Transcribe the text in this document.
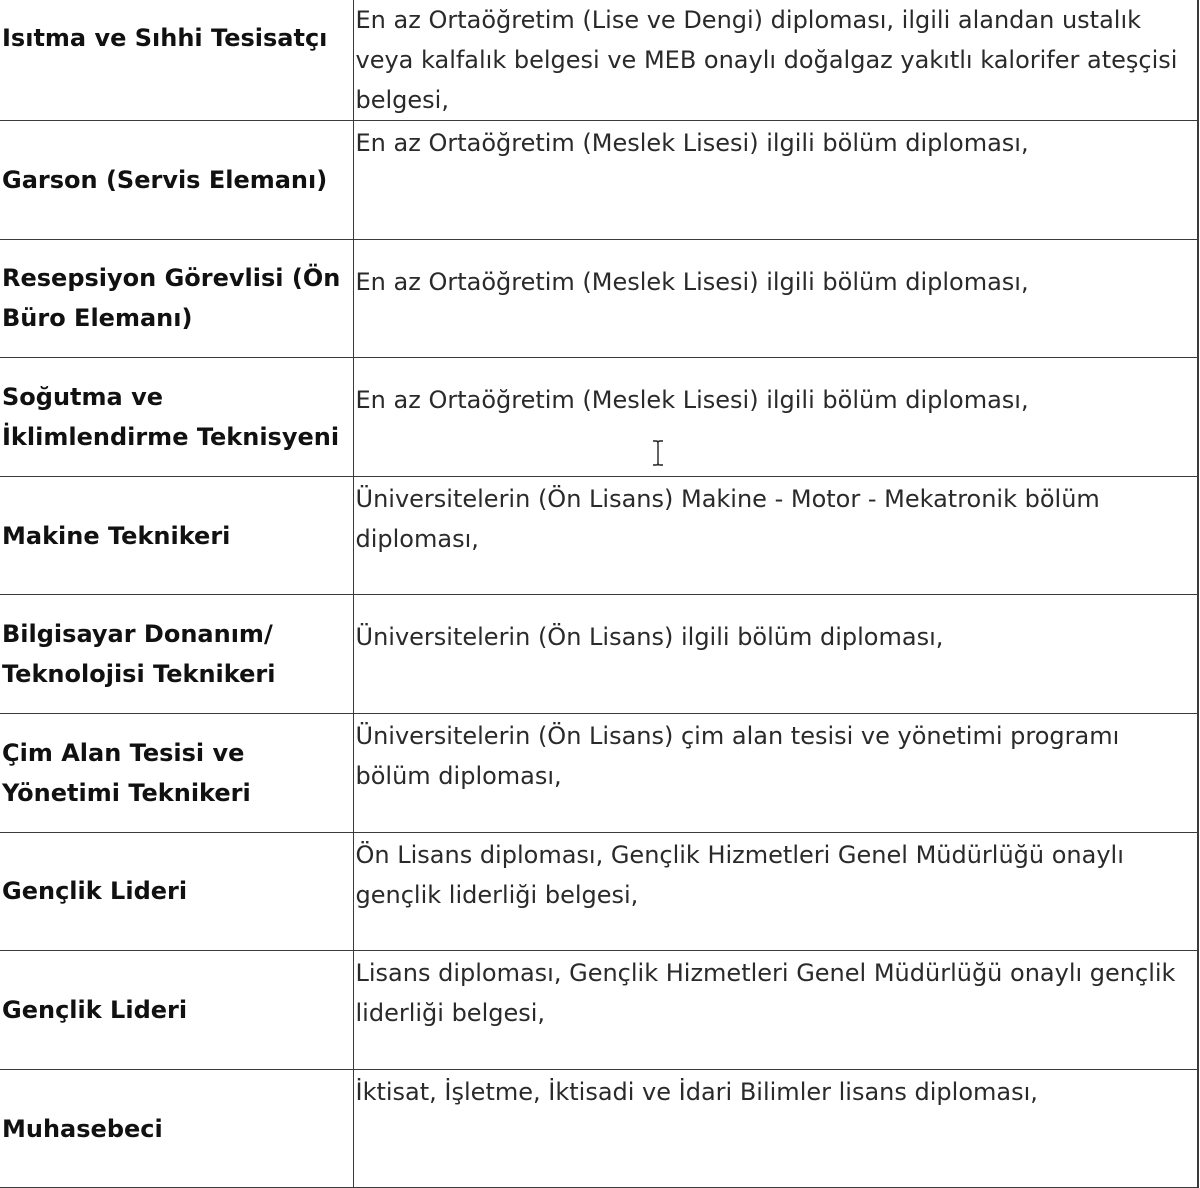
Isıtma ve Sıhhi Tesisatçı	En az Ortaöğretim (Lise ve Dengi) diploması, ilgili alandan ustalık veya kalfalık belgesi ve MEB onaylı doğalgaz yakıtlı kalorifer ateşçisi belgesi,
Garson (Servis Elemanı)	En az Ortaöğretim (Meslek Lisesi) ilgili bölüm diploması,
Resepsiyon Görevlisi (Ön Büro Elemanı)	En az Ortaöğretim (Meslek Lisesi) ilgili bölüm diploması,
Soğutma ve İklimlendirme Teknisyeni	En az Ortaöğretim (Meslek Lisesi) ilgili bölüm diploması,
Makine Teknikeri	Üniversitelerin (Ön Lisans) Makine - Motor - Mekatronik bölüm diploması,
Bilgisayar Donanım/ Teknolojisi Teknikeri	Üniversitelerin (Ön Lisans) ilgili bölüm diploması,
Çim Alan Tesisi ve Yönetimi Teknikeri	Üniversitelerin (Ön Lisans) çim alan tesisi ve yönetimi programı bölüm diploması,
Gençlik Lideri	Ön Lisans diploması, Gençlik Hizmetleri Genel Müdürlüğü onaylı gençlik liderliği belgesi,
Gençlik Lideri	Lisans diploması, Gençlik Hizmetleri Genel Müdürlüğü onaylı gençlik liderliği belgesi,
Muhasebeci	İktisat, İşletme, İktisadi ve İdari Bilimler lisans diploması,
